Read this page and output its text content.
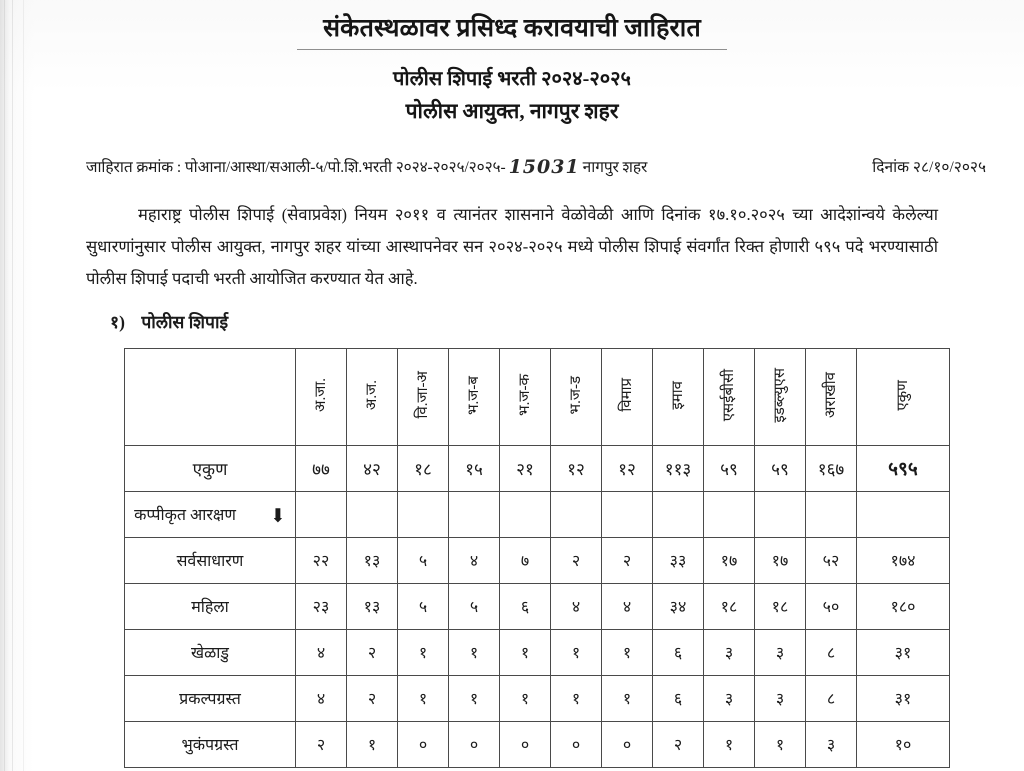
संकेतस्थळावर प्रसिध्द करावयाची जाहिरात
पोलीस शिपाई भरती २०२४-२०२५
पोलीस आयुक्त, नागपुर शहर
जाहिरात क्रमांक : पोआना/आस्था/सआली-५/पो.शि.भरती २०२४-२०२५/२०२५- 15031 नागपुर शहर	दिनांक २८/१०/२०२५
महाराष्ट्र पोलीस शिपाई (सेवाप्रवेश) नियम २०११ व त्यानंतर शासनाने वेळोवेळी आणि दिनांक १७.१०.२०२५ च्या आदेशांन्वये केलेल्या सुधारणांनुसार पोलीस आयुक्त, नागपुर शहर यांच्या आस्थापनेवर सन २०२४-२०२५ मध्ये पोलीस शिपाई संवर्गांत रिक्त होणारी ५९५ पदे भरण्यासाठी पोलीस शिपाई पदाची भरती आयोजित करण्यात येत आहे.
१) पोलीस शिपाई
	अ.जा.	अ.ज.	वि.जा-अ	भ.ज-ब	भ.ज-क	भ.ज-ड	विमाप्र	इमाव	एसईबीसी	इडब्ल्युएस	अराखीव	एकुण
एकुण	७७	४२	१८	१५	२१	१२	१२	११३	५९	५९	१६७	५९५
कप्पीकृत आरक्षण ⬇												
सर्वसाधारण	२२	१३	५	४	७	२	२	३३	१७	१७	५२	१७४
महिला	२३	१३	५	५	६	४	४	३४	१८	१८	५०	१८०
खेळाडु	४	२	१	१	१	१	१	६	३	३	८	३१
प्रकल्पग्रस्त	४	२	१	१	१	१	१	६	३	३	८	३१
भुकंपग्रस्त	२	१	०	०	०	०	०	२	१	१	३	१०
